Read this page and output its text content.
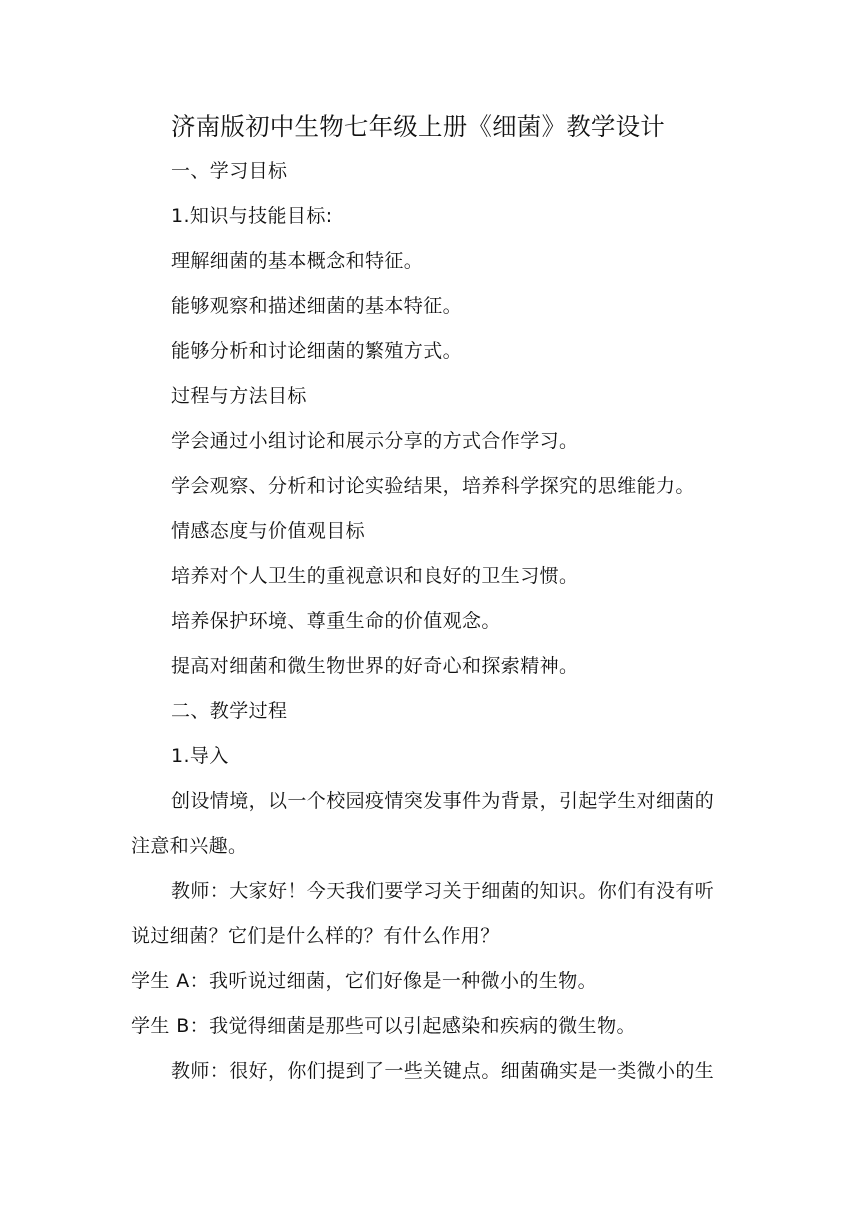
济南版初中生物七年级上册《细菌》教学设计
一、学习目标
1.知识与技能目标:
理解细菌的基本概念和特征。
能够观察和描述细菌的基本特征。
能够分析和讨论细菌的繁殖方式。
过程与方法目标
学会通过小组讨论和展示分享的方式合作学习。
学会观察、分析和讨论实验结果，培养科学探究的思维能力。
情感态度与价值观目标
培养对个人卫生的重视意识和良好的卫生习惯。
培养保护环境、尊重生命的价值观念。
提高对细菌和微生物世界的好奇心和探索精神。
二、教学过程
1.导入
创设情境，以一个校园疫情突发事件为背景，引起学生对细菌的
注意和兴趣。
教师：大家好！今天我们要学习关于细菌的知识。你们有没有听
说过细菌？它们是什么样的？有什么作用？
学生 A：我听说过细菌，它们好像是一种微小的生物。
学生 B：我觉得细菌是那些可以引起感染和疾病的微生物。
教师：很好，你们提到了一些关键点。细菌确实是一类微小的生
